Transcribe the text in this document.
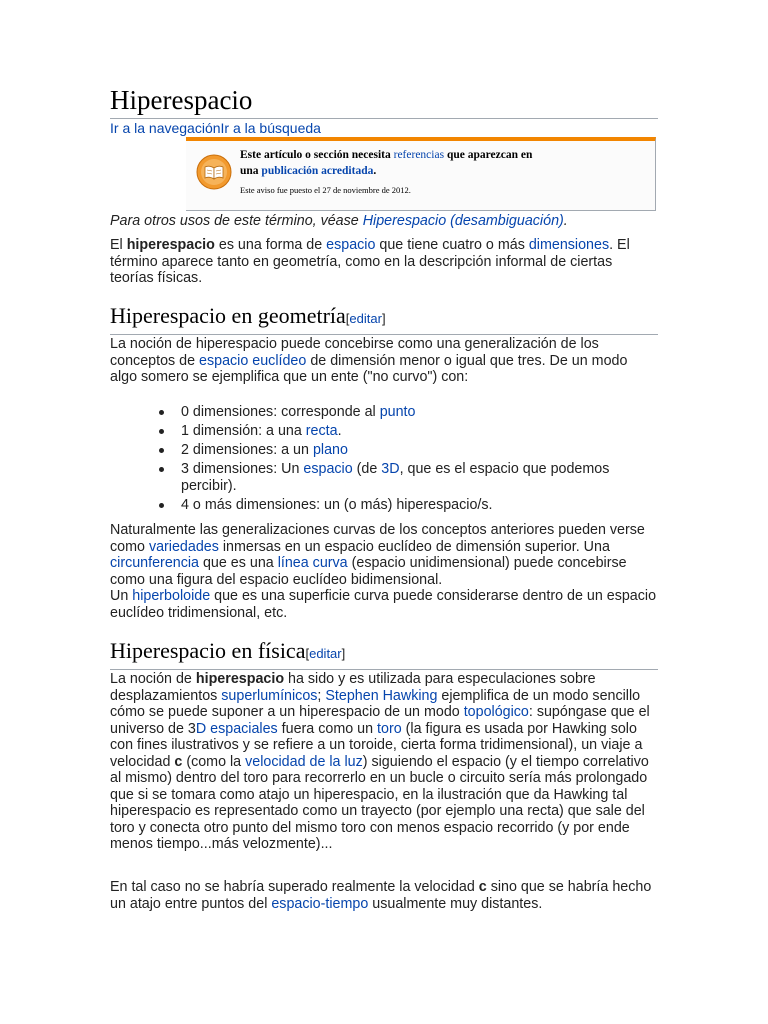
Hiperespacio
Ir a la navegaciónIr a la búsqueda
Este artículo o sección necesita referencias que aparezcan en
una publicación acreditada.
Este aviso fue puesto el 27 de noviembre de 2012.
Para otros usos de este término, véase Hiperespacio (desambiguación).
El hiperespacio es una forma de espacio que tiene cuatro o más dimensiones. El término aparece tanto en geometría, como en la descripción informal de ciertas teorías físicas.
Hiperespacio en geometría[editar]
La noción de hiperespacio puede concebirse como una generalización de los conceptos de espacio euclídeo de dimensión menor o igual que tres. De un modo algo somero se ejemplifica que un ente ("no curvo") con:
0 dimensiones: corresponde al punto
1 dimensión: a una recta.
2 dimensiones: a un plano
3 dimensiones: Un espacio (de 3D, que es el espacio que podemos percibir).
4 o más dimensiones: un (o más) hiperespacio/s.
Naturalmente las generalizaciones curvas de los conceptos anteriores pueden verse como variedades inmersas en un espacio euclídeo de dimensión superior. Una circunferencia que es una línea curva (espacio unidimensional) puede concebirse como una figura del espacio euclídeo bidimensional.
Un hiperboloide que es una superficie curva puede considerarse dentro de un espacio euclídeo tridimensional, etc.
Hiperespacio en física[editar]
La noción de hiperespacio ha sido y es utilizada para especulaciones sobre desplazamientos superlumínicos; Stephen Hawking ejemplifica de un modo sencillo cómo se puede suponer a un hiperespacio de un modo topológico: supóngase que el universo de 3D espaciales fuera como un toro (la figura es usada por Hawking solo con fines ilustrativos y se refiere a un toroide, cierta forma tridimensional), un viaje a velocidad c (como la velocidad de la luz) siguiendo el espacio (y el tiempo correlativo al mismo) dentro del toro para recorrerlo en un bucle o circuito sería más prolongado que si se tomara como atajo un hiperespacio, en la ilustración que da Hawking tal hiperespacio es representado como un trayecto (por ejemplo una recta) que sale del toro y conecta otro punto del mismo toro con menos espacio recorrido (y por ende menos tiempo...más velozmente)...
En tal caso no se habría superado realmente la velocidad c sino que se habría hecho un atajo entre puntos del espacio-tiempo usualmente muy distantes.
